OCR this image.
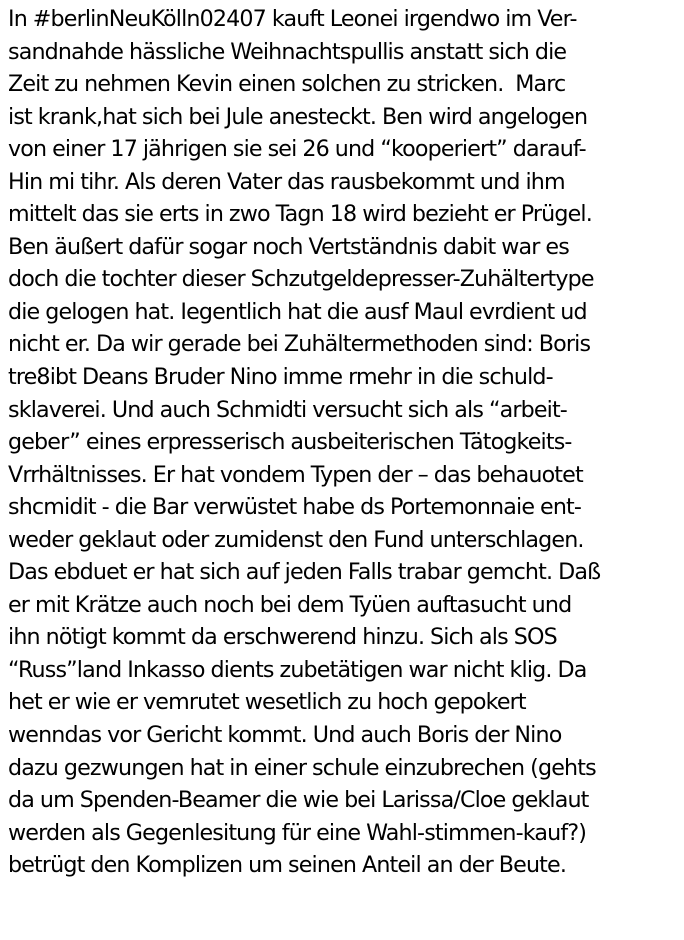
In #berlinNeuKölln02407 kauft Leonei irgendwo im Ver-
sandnahde hässliche Weihnachtspullis anstatt sich die
Zeit zu nehmen Kevin einen solchen zu stricken.  Marc
ist krank,hat sich bei Jule anesteckt. Ben wird angelogen
von einer 17 jährigen sie sei 26 und “kooperiert” darauf-
Hin mi tihr. Als deren Vater das rausbekommt und ihm
mittelt das sie erts in zwo Tagn 18 wird bezieht er Prügel.
Ben äußert dafür sogar noch Vertständnis dabit war es
doch die tochter dieser Schzutgeldepresser-Zuhältertype
die gelogen hat. Iegentlich hat die ausf Maul evrdient ud
nicht er. Da wir gerade bei Zuhältermethoden sind: Boris
tre8ibt Deans Bruder Nino imme rmehr in die schuld-
sklaverei. Und auch Schmidti versucht sich als “arbeit-
geber” eines erpresserisch ausbeiterischen Tätogkeits-
Vrrhältnisses. Er hat vondem Typen der – das behauotet
shcmidit - die Bar verwüstet habe ds Portemonnaie ent-
weder geklaut oder zumidenst den Fund unterschlagen.
Das ebduet er hat sich auf jeden Falls trabar gemcht. Daß
er mit Krätze auch noch bei dem Tyüen auftasucht und
ihn nötigt kommt da erschwerend hinzu. Sich als SOS
“Russ”land Inkasso dients zubetätigen war nicht klig. Da
het er wie er vemrutet wesetlich zu hoch gepokert
wenndas vor Gericht kommt. Und auch Boris der Nino
dazu gezwungen hat in einer schule einzubrechen (gehts
da um Spenden-Beamer die wie bei Larissa/Cloe geklaut
werden als Gegenlesitung für eine Wahl-stimmen-kauf?)
betrügt den Komplizen um seinen Anteil an der Beute.
